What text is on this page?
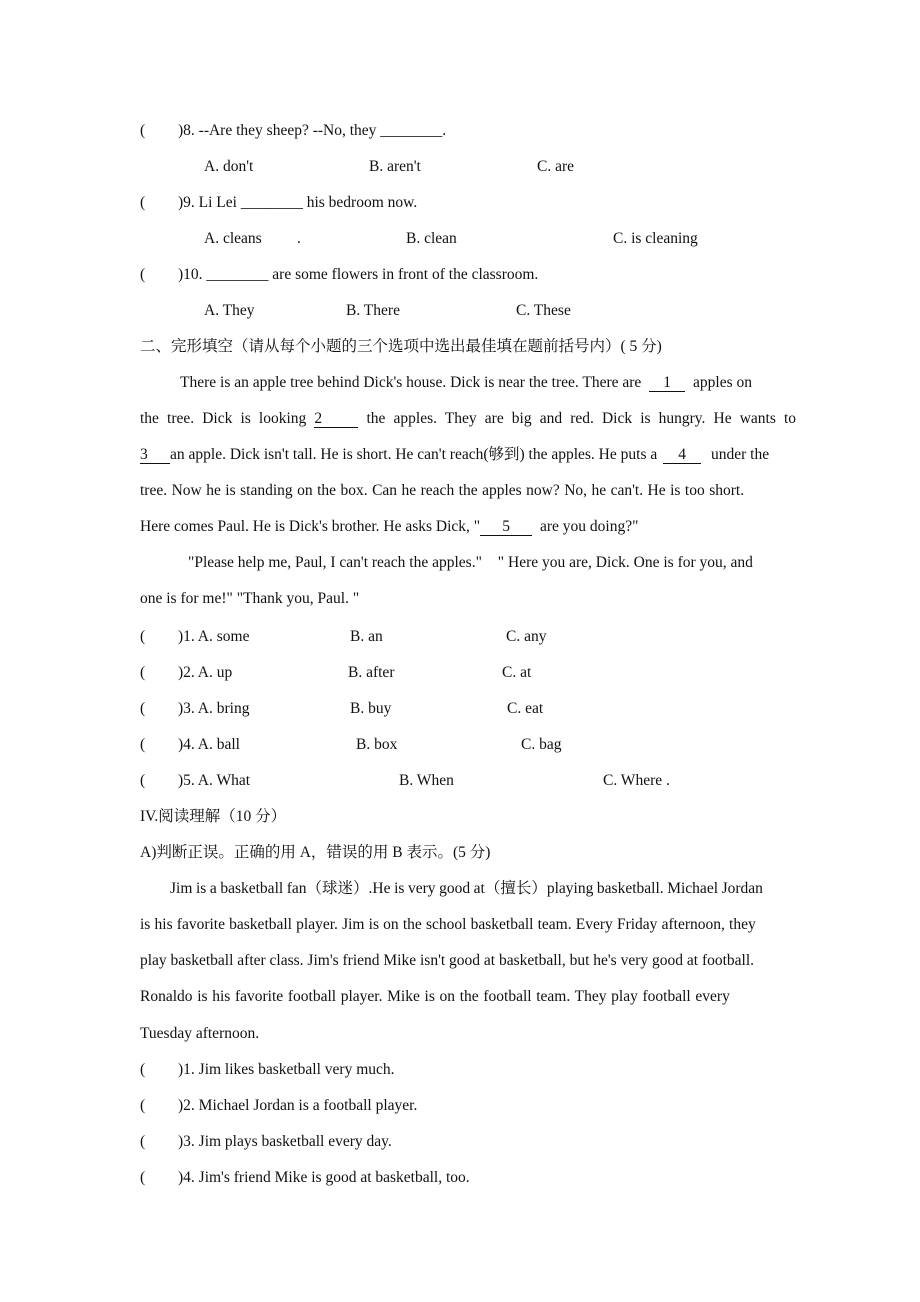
( )8. --Are they sheep? --No, they ________.
A. don't	B. aren't	C. are
( )9. Li Lei ________ his bedroom now.
A. cleans .	B. clean	C. is cleaning
( )10. ________ are some flowers in front of the classroom.
A. They	B. There	C. These
二、完形填空（请从每个小题的三个选项中选出最佳填在题前括号内）( 5 分)
There is an apple tree behind Dick's house. Dick is near the tree. There are 1 apples on
the tree. Dick is looking 2	the apples. They are big and red. Dick is hungry. He wants to
3 an apple. Dick isn't tall. He is short. He can't reach(够到) the apples. He puts a 4 under the
tree. Now he is standing on the box. Can he reach the apples now? No, he can't. He is too short.
Here comes Paul. He is Dick's brother. He asks Dick, " 5 are you doing?"
"Please help me, Paul, I can't reach the apples." " Here you are, Dick. One is for you, and
one is for me!" "Thank you, Paul. "
( )1. A. some	B. an	C. any
( )2. A. up	B. after	C. at
( )3. A. bring	B. buy	C. eat
( )4. A. ball	B. box	C. bag
( )5. A. What	B. When	C. Where .
IV.阅读理解（10 分）
A)判断正误。正确的用 A，错误的用 B 表示。(5 分)
Jim is a basketball fan（球迷）.He is very good at（擅长）playing basketball. Michael Jordan
is his favorite basketball player. Jim is on the school basketball team. Every Friday afternoon, they
play basketball after class. Jim's friend Mike isn't good at basketball, but he's very good at football.
Ronaldo is his favorite football player. Mike is on the football team. They play football every
Tuesday afternoon.
( )1. Jim likes basketball very much.
( )2. Michael Jordan is a football player.
( )3. Jim plays basketball every day.
( )4. Jim's friend Mike is good at basketball, too.
